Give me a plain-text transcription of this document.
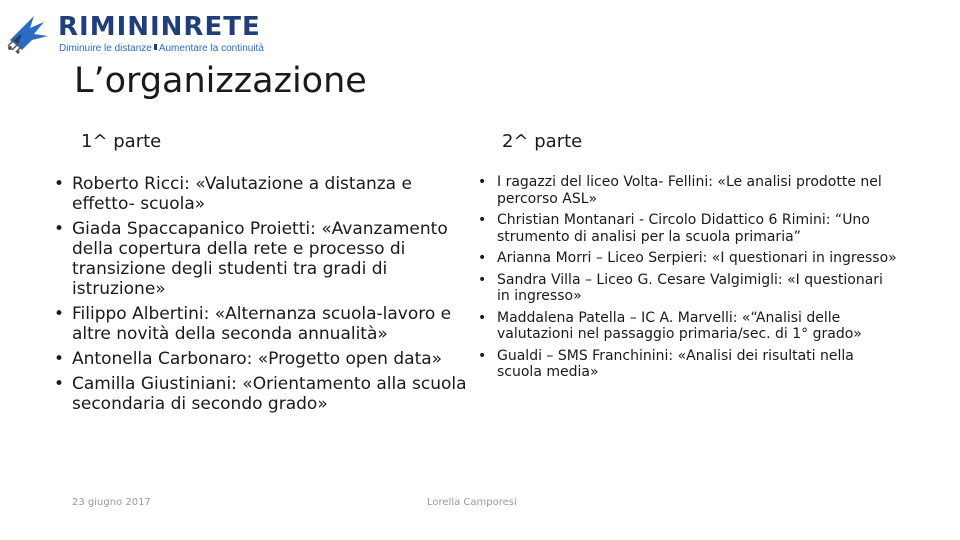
RIMININRETE
Diminuire le distanze Aumentare la continuità
L’organizzazione
1^ parte	2^ parte
• Roberto Ricci: «Valutazione a distanza e effetto- scuola»
• Giada Spaccapanico Proietti: «Avanzamento della copertura della rete e processo di transizione degli studenti tra gradi di istruzione»
• Filippo Albertini: «Alternanza scuola-lavoro e altre novità della seconda annualità»
• Antonella Carbonaro: «Progetto open data»
• Camilla Giustiniani: «Orientamento alla scuola secondaria di secondo grado»
• I ragazzi del liceo Volta- Fellini: «Le analisi prodotte nel percorso ASL»
• Christian Montanari - Circolo Didattico 6 Rimini: “Uno strumento di analisi per la scuola primaria”
• Arianna Morri – Liceo Serpieri: «I questionari in ingresso»
• Sandra Villa – Liceo G. Cesare Valgimigli: «I questionari in ingresso»
• Maddalena Patella – IC A. Marvelli: «“Analisi delle valutazioni nel passaggio primaria/sec. di 1° grado»
• Gualdi – SMS Franchinini: «Analisi dei risultati nella scuola media»
23 giugno 2017	Lorella Camporesi
